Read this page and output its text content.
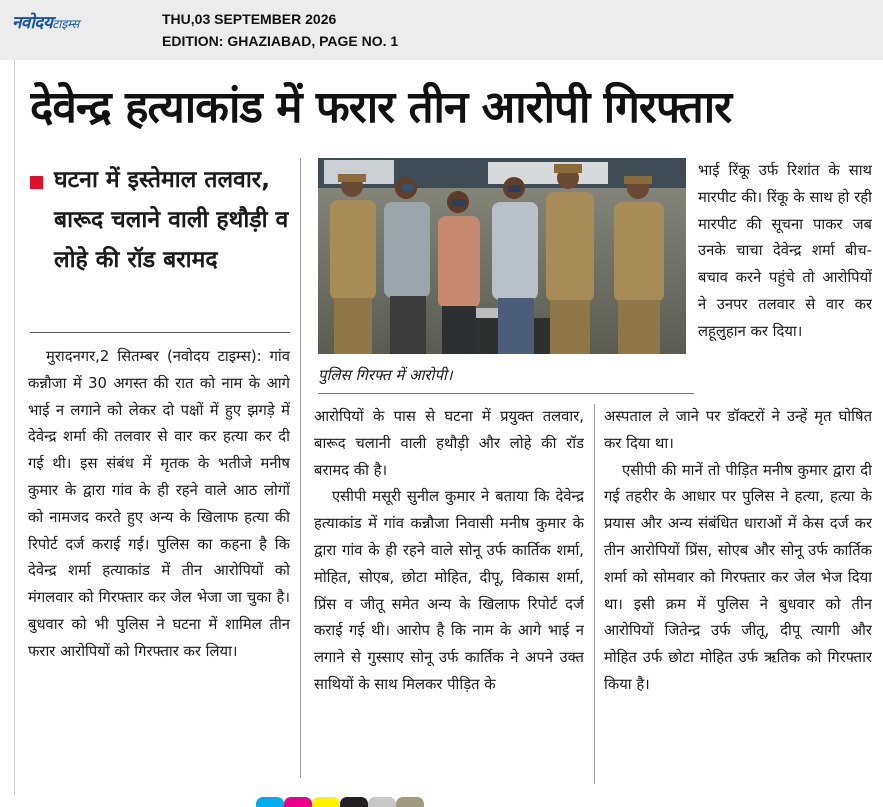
नवोदयटाइम्स	THU,03 SEPTEMBER 2026
EDITION: GHAZIABAD, PAGE NO. 1
देवेन्द्र हत्याकांड में फरार तीन आरोपी गिरफ्तार
घटना में इस्तेमाल तलवार, बारूद चलाने वाली हथौड़ी व लोहे की रॉड बरामद

मुरादनगर,2 सितम्बर (नवोदय टाइम्स): गांव कन्नौजा में 30 अगस्त की रात को नाम के आगे भाई न लगाने को लेकर दो पक्षों में हुए झगड़े में देवेन्द्र शर्मा की तलवार से वार कर हत्या कर दी गई थी। इस संबंध में मृतक के भतीजे मनीष कुमार के द्वारा गांव के ही रहने वाले आठ लोगों को नामजद करते हुए अन्य के खिलाफ हत्या की रिपोर्ट दर्ज कराई गई। पुलिस का कहना है कि देवेन्द्र शर्मा हत्याकांड में तीन आरोपियों को मंगलवार को गिरफ्तार कर जेल भेजा जा चुका है। बुधवार को भी पुलिस ने घटना में शामिल तीन फरार आरोपियों को गिरफ्तार कर लिया।

पुलिस गिरफ्त में आरोपी।

भाई रिंकू उर्फ रिशांत के साथ मारपीट की। रिंकू के साथ हो रही मारपीट की सूचना पाकर जब उनके चाचा देवेन्द्र शर्मा बीच-बचाव करने पहुंचे तो आरोपियों ने उनपर तलवार से वार कर लहूलुहान कर दिया।

आरोपियों के पास से घटना में प्रयुक्त तलवार, बारूद चलानी वाली हथौड़ी और लोहे की रॉड बरामद की है।

एसीपी मसूरी सुनील कुमार ने बताया कि देवेन्द्र हत्याकांड में गांव कन्नौजा निवासी मनीष कुमार के द्वारा गांव के ही रहने वाले सोनू उर्फ कार्तिक शर्मा, मोहित, सोएब, छोटा मोहित, दीपू, विकास शर्मा, प्रिंस व जीतू समेत अन्य के खिलाफ रिपोर्ट दर्ज कराई गई थी। आरोप है कि नाम के आगे भाई न लगाने से गुस्साए सोनू उर्फ कार्तिक ने अपने उक्त साथियों के साथ मिलकर पीड़ित के

अस्पताल ले जाने पर डॉक्टरों ने उन्हें मृत घोषित कर दिया था।

एसीपी की मानें तो पीड़ित मनीष कुमार द्वारा दी गई तहरीर के आधार पर पुलिस ने हत्या, हत्या के प्रयास और अन्य संबंधित धाराओं में केस दर्ज कर तीन आरोपियों प्रिंस, सोएब और सोनू उर्फ कार्तिक शर्मा को सोमवार को गिरफ्तार कर जेल भेज दिया था। इसी क्रम में पुलिस ने बुधवार को तीन आरोपियों जितेन्द्र उर्फ जीतू, दीपू त्यागी और मोहित उर्फ छोटा मोहित उर्फ ऋतिक को गिरफ्तार किया है।
